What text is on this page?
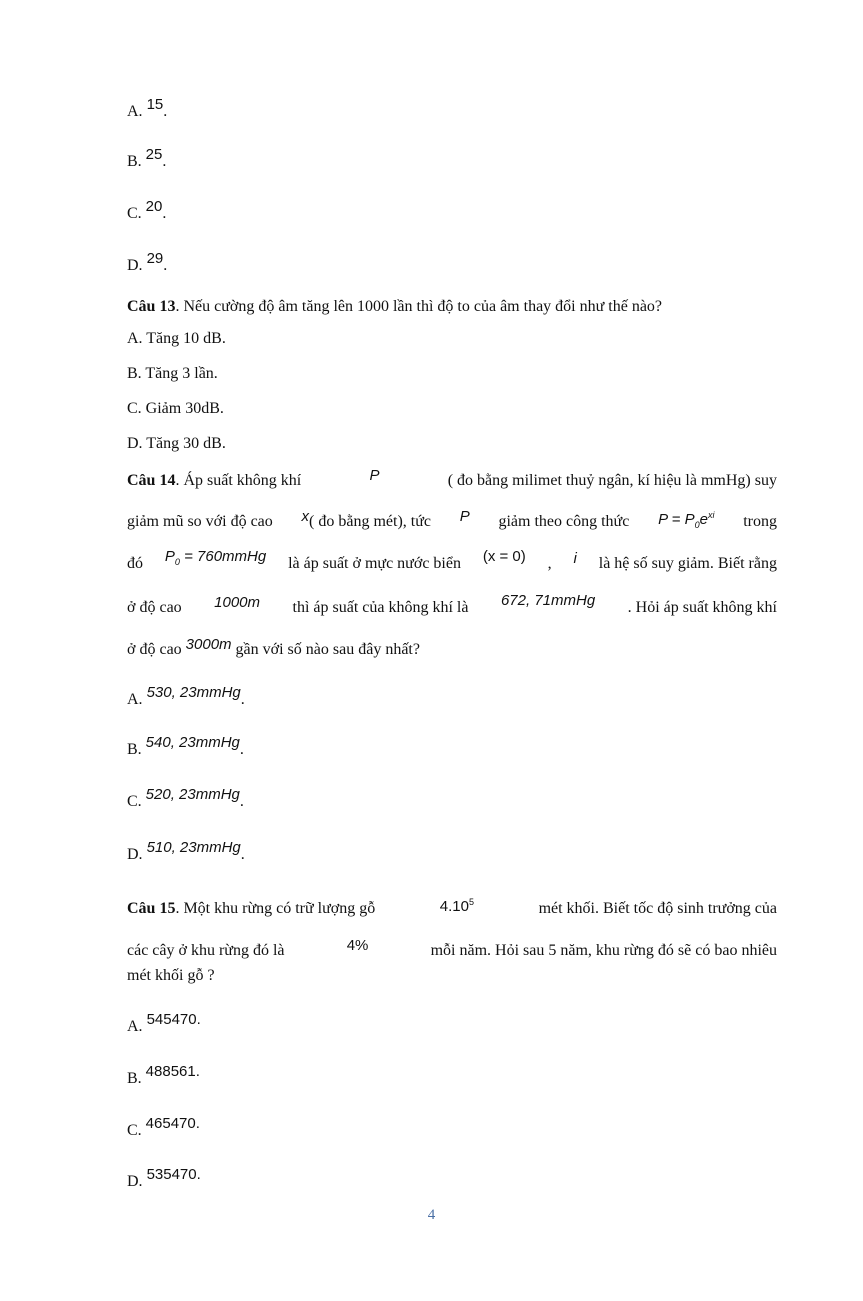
A. 15.
B. 25.
C. 20.
D. 29.
Câu 13. Nếu cường độ âm tăng lên 1000 lần thì độ to của âm thay đổi như thế nào?
A. Tăng 10 dB.
B. Tăng 3 lần.
C. Giảm 30dB.
D. Tăng 30 dB.
Câu 14. Áp suất không khí	P	( đo bằng milimet thuỷ ngân, kí hiệu là mmHg) suy
giảm mũ so với độ cao x( đo bằng mét), tức P giảm theo công thức $P = P_0e^{xi}$ trong
đó $P_0$ = 760mmHg là áp suất ở mực nước biển (x = 0) , i là hệ số suy giảm. Biết rằng
ở độ cao 1000m thì áp suất của không khí là 672, 71mmHg . Hỏi áp suất không khí
ở độ cao 3000m gần với số nào sau đây nhất?
A. 530, 23mmHg.
B. 540, 23mmHg.
C. 520, 23mmHg.
D. 510, 23mmHg.
Câu 15. Một khu rừng có trữ lượng gỗ	4.10$^5$	mét khối. Biết tốc độ sinh trưởng của
các cây ở khu rừng đó là	4%	mỗi năm. Hỏi sau 5 năm, khu rừng đó sẽ có bao nhiêu
mét khối gỗ ?
A. 545470.
B. 488561.
C. 465470.
D. 535470.
4
